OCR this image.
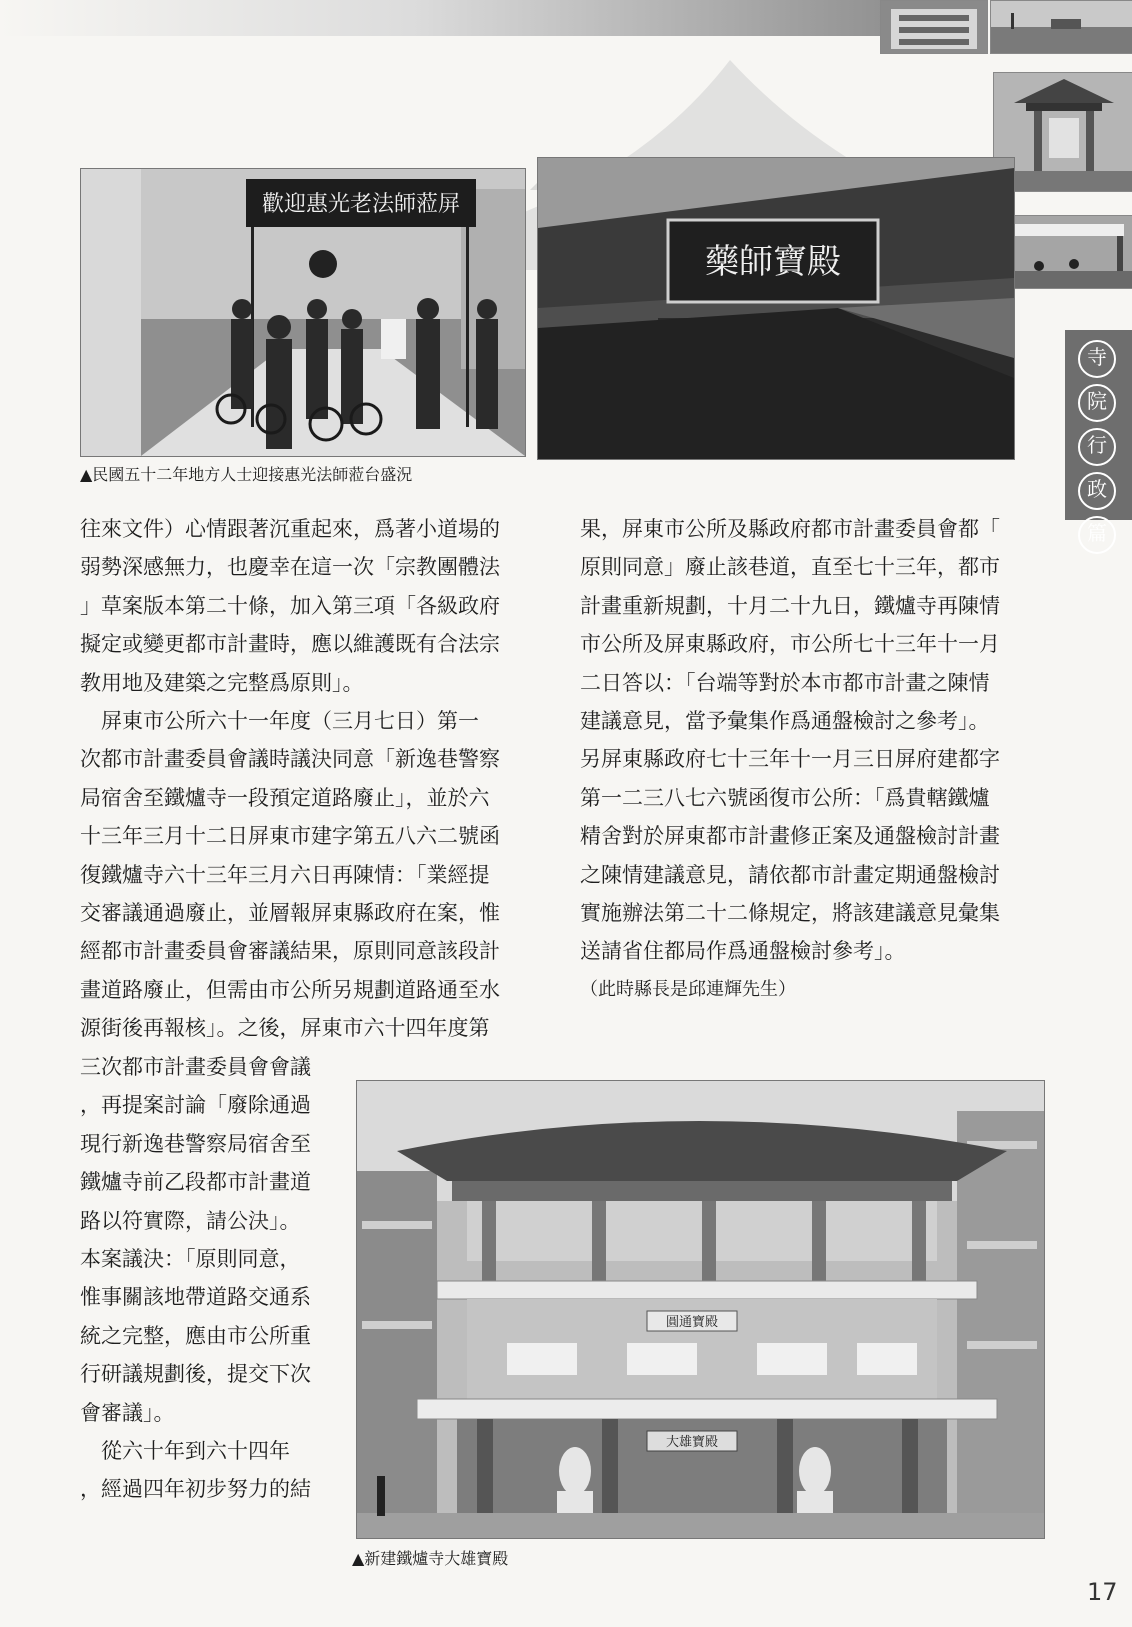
寺
院
行
政
篇
歡迎惠光老法師蒞屏
▲民國五十二年地方人士迎接惠光法師蒞台盛況
藥師寶殿

往來文件）心情跟著沉重起來，爲著小道場的

弱勢深感無力，也慶幸在這一次「宗教團體法

」草案版本第二十條，加入第三項「各級政府

擬定或變更都市計畫時，應以維護既有合法宗

教用地及建築之完整爲原則」。

　屏東市公所六十一年度（三月七日）第一

次都市計畫委員會議時議決同意「新逸巷警察

局宿舍至鐵爐寺一段預定道路廢止」，並於六

十三年三月十二日屏東市建字第五八六二號函

復鐵爐寺六十三年三月六日再陳情：「業經提

交審議通過廢止，並層報屏東縣政府在案，惟

經都市計畫委員會審議結果，原則同意該段計

畫道路廢止，但需由市公所另規劃道路通至水

源街後再報核」。之後，屏東市六十四年度第

三次都市計畫委員會會議

，再提案討論「廢除通過

現行新逸巷警察局宿舍至

鐵爐寺前乙段都市計畫道

路以符實際，請公決」。

本案議決：「原則同意，

惟事關該地帶道路交通系

統之完整，應由市公所重

行研議規劃後，提交下次

會審議」。

　從六十年到六十四年

，經過四年初步努力的結

果，屏東市公所及縣政府都市計畫委員會都「

原則同意」廢止該巷道，直至七十三年，都市

計畫重新規劃，十月二十九日，鐵爐寺再陳情

市公所及屏東縣政府，市公所七十三年十一月

二日答以：「台端等對於本市都市計畫之陳情

建議意見，當予彙集作爲通盤檢討之參考」。

另屏東縣政府七十三年十一月三日屏府建都字

第一二三八七六號函復市公所：「爲貴轄鐵爐

精舍對於屏東都市計畫修正案及通盤檢討計畫

之陳情建議意見，請依都市計畫定期通盤檢討

實施辦法第二十二條規定，將該建議意見彙集

送請省住都局作爲通盤檢討參考」。

（此時縣長是邱連輝先生）

圓通寶殿
大雄寶殿
▲新建鐵爐寺大雄寶殿
17
